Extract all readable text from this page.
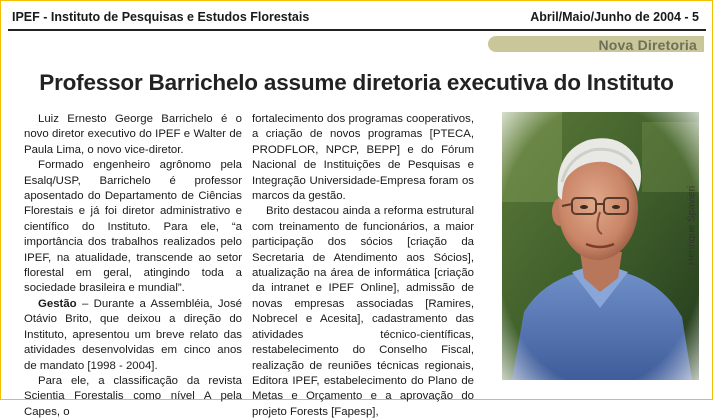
IPEF - Instituto de Pesquisas e Estudos Florestais	Abril/Maio/Junho de 2004 - 5
Nova Diretoria
Professor Barrichelo assume diretoria executiva do Instituto

Luiz Ernesto George Barrichelo é o novo diretor executivo do IPEF e Walter de Paula Lima, o novo vice-diretor.

Formado engenheiro agrônomo pela Esalq/USP, Barrichelo é professor aposentado do Departamento de Ciências Florestais e já foi diretor administrativo e científico do Instituto. Para ele, “a importância dos trabalhos realizados pelo IPEF, na atualidade, transcende ao setor florestal em geral, atingindo toda a sociedade brasileira e mundial”.

Gestão – Durante a Assembléia, José Otávio Brito, que deixou a direção do Instituto, apresentou um breve relato das atividades desenvolvidas em cinco anos de mandato [1998 - 2004].

Para ele, a classificação da revista Scientia Forestalis como nível A pela Capes, o

fortalecimento dos programas cooperativos, a criação de novos programas [PTECA, PRODFLOR, NPCP, BEPP] e do Fórum Nacional de Instituições de Pesquisas e Integração Universidade-Empresa foram os marcos da gestão.

Brito destacou ainda a reforma estrutural com treinamento de funcionários, a maior participação dos sócios [criação da Secretaria de Atendimento aos Sócios], atualização na área de informática [criação da intranet e IPEF Online], admissão de novas empresas associadas [Ramires, Nobrecel e Acesita], cadastramento das atividades técnico-científicas, restabelecimento do Conselho Fiscal, realização de reuniões técnicas regionais, Editora IPEF, estabelecimento do Plano de Metas e Orçamento e a aprovação do projeto Forests [Fapesp],

Henrique Spavieri
